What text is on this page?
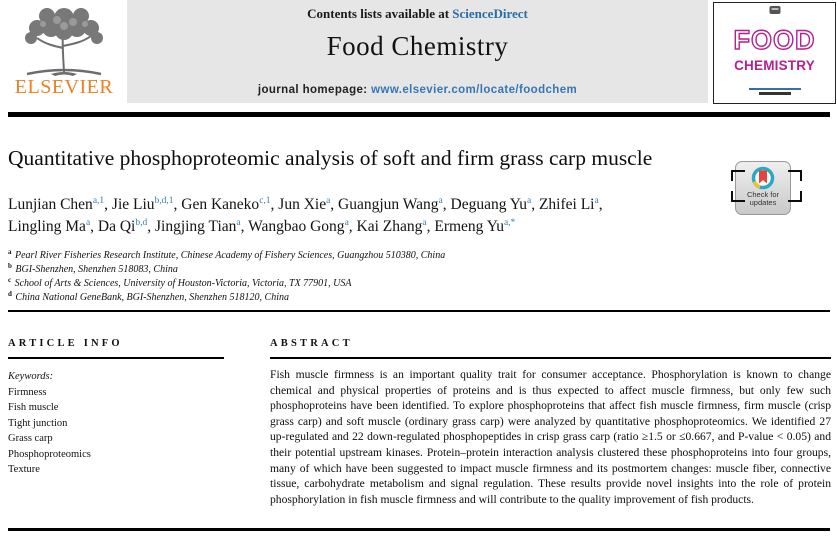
ELSEVIER
Contents lists available at ScienceDirect
Food Chemistry
journal homepage: www.elsevier.com/locate/foodchem
FOOD
CHEMISTRY
Quantitative phosphoproteomic analysis of soft and firm grass carp muscle
Check for
updates
Lunjian Chen$^{a,1}$, Jie Liu$^{b,d,1}$, Gen Kaneko$^{c,1}$, Jun Xie$^a$, Guangjun Wang$^a$, Deguang Yu$^a$, Zhifei Li$^a$,
Lingling Ma$^a$, Da Qi$^{b,d}$, Jingjing Tian$^a$, Wangbao Gong$^a$, Kai Zhang$^a$, Ermeng $Yu^{a,*}$
$^a$ Pearl River Fisheries Research Institute, Chinese Academy of Fishery Sciences, Guangzhou 510380, China
$^b$ BGI-Shenzhen, Shenzhen 518083, China
$^c$ School of Arts & Sciences, University of Houston-Victoria, Victoria, TX 77901, USA
$^d$ China National GeneBank, BGI-Shenzhen, Shenzhen 518120, China
ARTICLE INFO
Keywords:
Firmness
Fish muscle
Tight junction
Grass carp
Phosphoproteomics
Texture
ABSTRACT
Fish muscle firmness is an important quality trait for consumer acceptance. Phosphorylation is known to change chemical and physical properties of proteins and is thus expected to affect muscle firmness, but only few such phosphoproteins have been identified. To explore phosphoproteins that affect fish muscle firmness, firm muscle (crisp grass carp) and soft muscle (ordinary grass carp) were analyzed by quantitative phosphoproteomics. We identified 27 up-regulated and 22 down-regulated phosphopeptides in crisp grass carp (ratio ≥1.5 or ≤0.667, and P-value < 0.05) and their potential upstream kinases. Protein–protein interaction analysis clustered these phosphoproteins into four groups, many of which have been suggested to impact muscle firmness and its postmortem changes: muscle fiber, connective tissue, carbohydrate metabolism and signal regulation. These results provide novel insights into the role of protein phosphorylation in fish muscle firmness and will contribute to the quality improvement of fish products.
